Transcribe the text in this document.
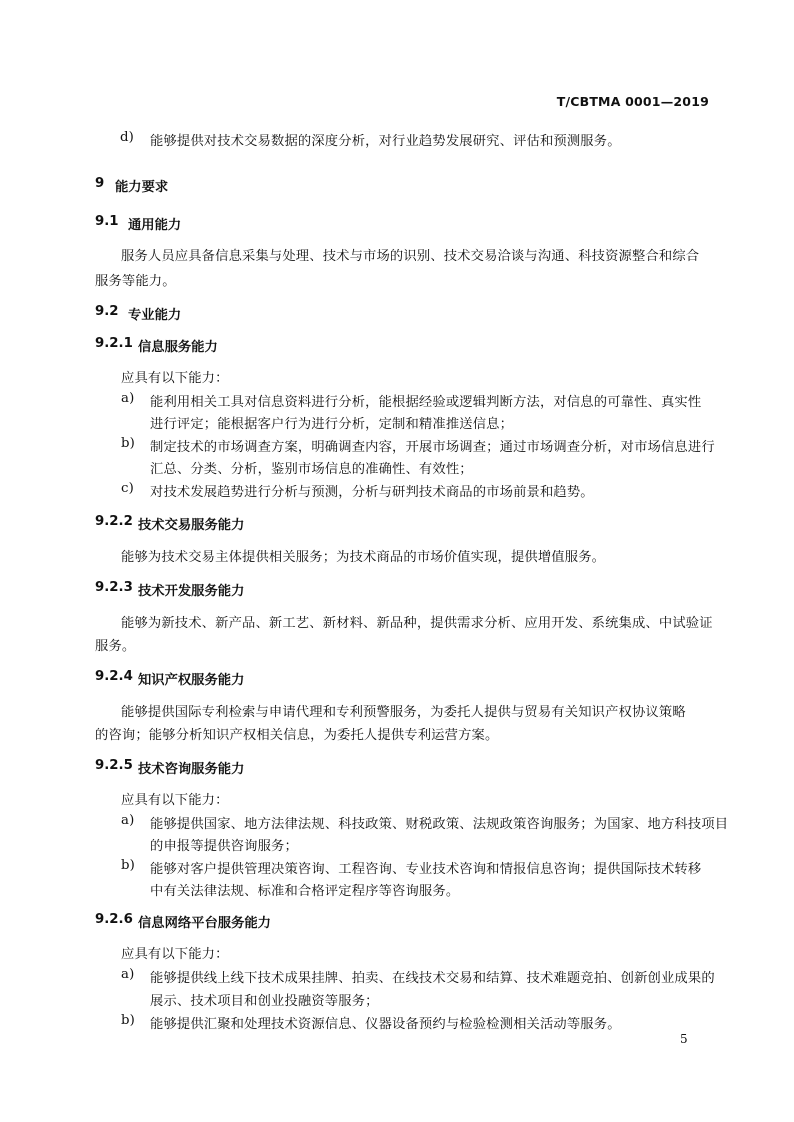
T/CBTMA 0001—2019
d) 能够提供对技术交易数据的深度分析，对行业趋势发展研究、评估和预测服务。
9 能力要求
9.1 通用能力
服务人员应具备信息采集与处理、技术与市场的识别、技术交易洽谈与沟通、科技资源整合和综合
服务等能力。
9.2 专业能力
9.2.1 信息服务能力
应具有以下能力：
a) 能利用相关工具对信息资料进行分析，能根据经验或逻辑判断方法，对信息的可靠性、真实性
进行评定；能根据客户行为进行分析，定制和精准推送信息；
b) 制定技术的市场调查方案，明确调查内容，开展市场调查；通过市场调查分析，对市场信息进行
汇总、分类、分析，鉴别市场信息的准确性、有效性；
c) 对技术发展趋势进行分析与预测，分析与研判技术商品的市场前景和趋势。
9.2.2 技术交易服务能力
能够为技术交易主体提供相关服务；为技术商品的市场价值实现，提供增值服务。
9.2.3 技术开发服务能力
能够为新技术、新产品、新工艺、新材料、新品种，提供需求分析、应用开发、系统集成、中试验证
服务。
9.2.4 知识产权服务能力
能够提供国际专利检索与申请代理和专利预警服务，为委托人提供与贸易有关知识产权协议策略
的咨询；能够分析知识产权相关信息，为委托人提供专利运营方案。
9.2.5 技术咨询服务能力
应具有以下能力：
a) 能够提供国家、地方法律法规、科技政策、财税政策、法规政策咨询服务；为国家、地方科技项目
的申报等提供咨询服务；
b) 能够对客户提供管理决策咨询、工程咨询、专业技术咨询和情报信息咨询；提供国际技术转移
中有关法律法规、标准和合格评定程序等咨询服务。
9.2.6 信息网络平台服务能力
应具有以下能力：
a) 能够提供线上线下技术成果挂牌、拍卖、在线技术交易和结算、技术难题竞拍、创新创业成果的
展示、技术项目和创业投融资等服务；
b) 能够提供汇聚和处理技术资源信息、仪器设备预约与检验检测相关活动等服务。
5
